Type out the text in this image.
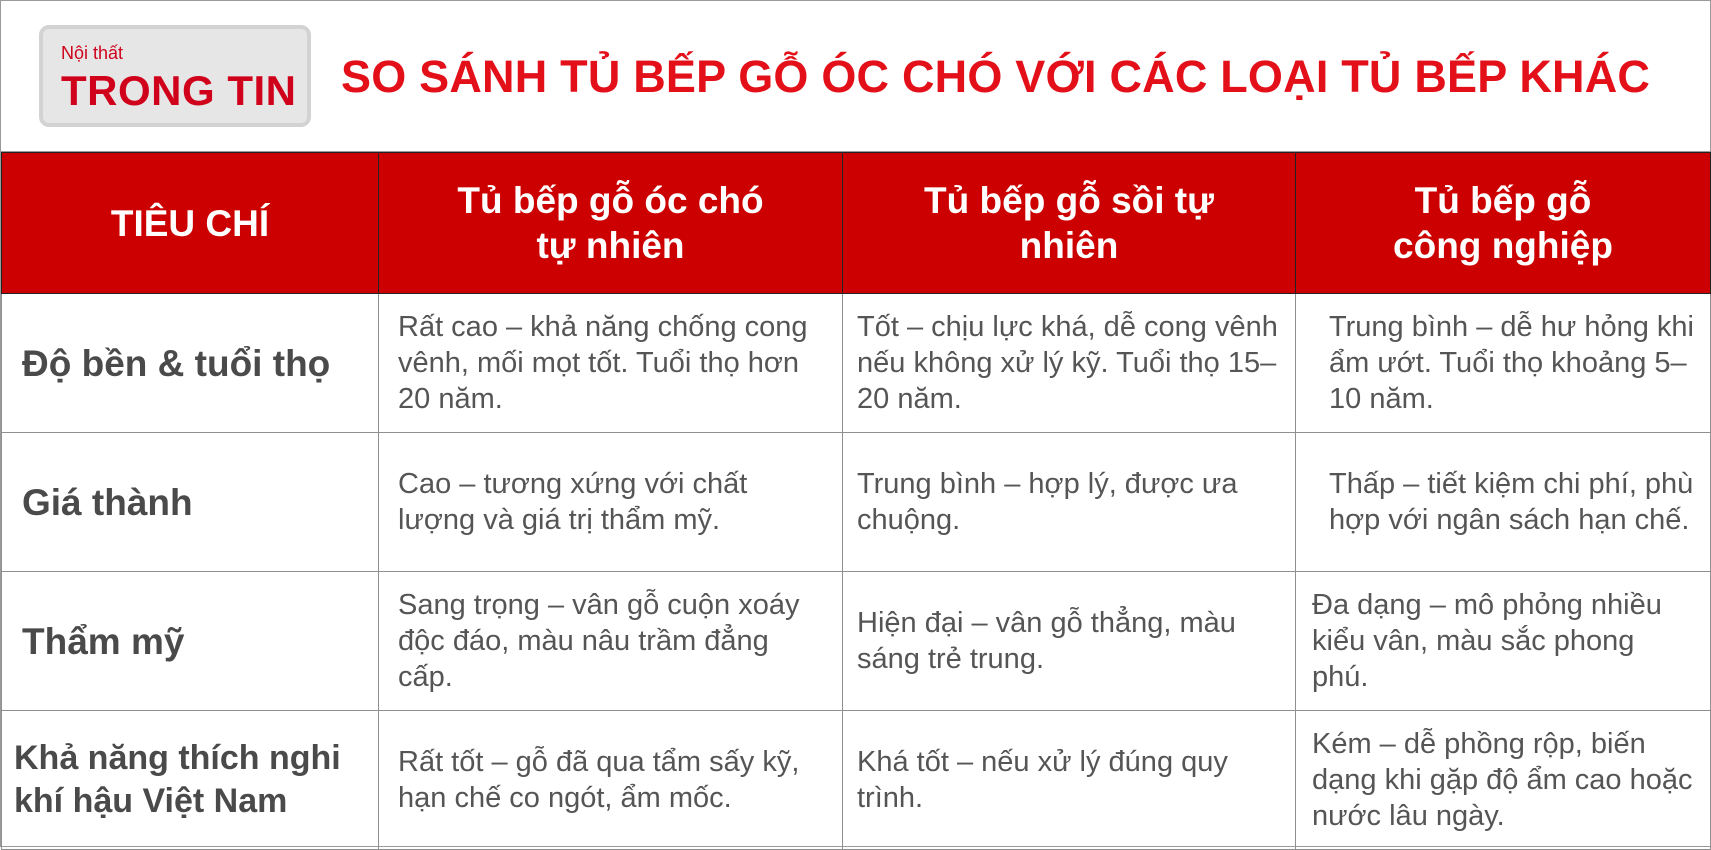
Nội thất
TRONG TIN SO SÁNH TỦ BẾP GỖ ÓC CHÓ VỚI CÁC LOẠI TỦ BẾP KHÁC
TIÊU CHÍ	Tủ bếp gỗ óc chó tự nhiên	Tủ bếp gỗ sồi tự nhiên	Tủ bếp gỗ công nghiệp
Độ bền & tuổi thọ	Rất cao – khả năng chống cong vênh, mối mọt tốt. Tuổi thọ hơn 20 năm.	Tốt – chịu lực khá, dễ cong vênh nếu không xử lý kỹ. Tuổi thọ 15–20 năm.	Trung bình – dễ hư hỏng khi ẩm ướt. Tuổi thọ khoảng 5–10 năm.
Giá thành	Cao – tương xứng với chất lượng và giá trị thẩm mỹ.	Trung bình – hợp lý, được ưa chuộng.	Thấp – tiết kiệm chi phí, phù hợp với ngân sách hạn chế.
Thẩm mỹ	Sang trọng – vân gỗ cuộn xoáy độc đáo, màu nâu trầm đẳng cấp.	Hiện đại – vân gỗ thẳng, màu sáng trẻ trung.	Đa dạng – mô phỏng nhiều kiểu vân, màu sắc phong phú.
Khả năng thích nghi khí hậu Việt Nam	Rất tốt – gỗ đã qua tẩm sấy kỹ, hạn chế co ngót, ẩm mốc.	Khá tốt – nếu xử lý đúng quy trình.	Kém – dễ phồng rộp, biến dạng khi gặp độ ẩm cao hoặc nước lâu ngày.
